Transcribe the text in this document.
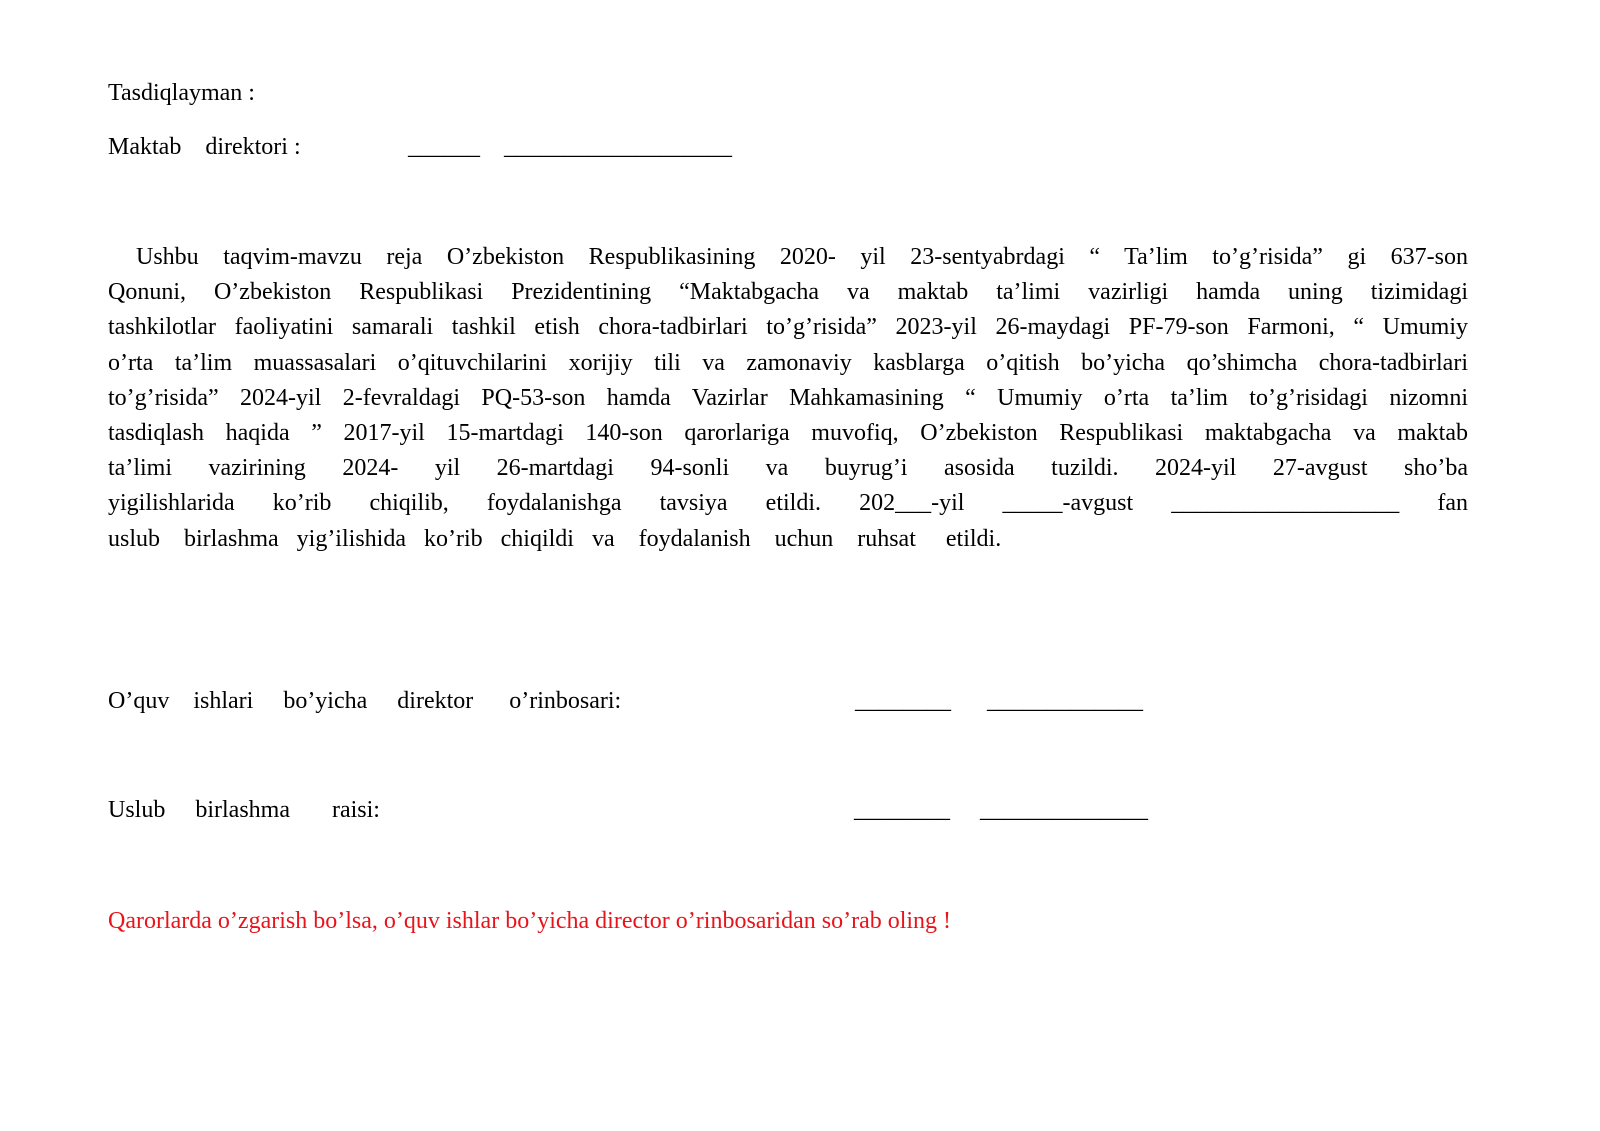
Tasdiqlayman :
Maktab    direktori :	______ ___________________
Ushbu taqvim-mavzu reja O’zbekiston Respublikasining 2020- yil 23-sentyabrdagi “ Ta’lim to’g’risida” gi 637-son
Qonuni, O’zbekiston Respublikasi Prezidentining “Maktabgacha va maktab ta’limi vazirligi hamda uning tizimidagi
tashkilotlar faoliyatini samarali tashkil etish chora-tadbirlari to’g’risida” 2023-yil 26-maydagi PF-79-son Farmoni, “ Umumiy
o’rta ta’lim muassasalari o’qituvchilarini xorijiy tili va zamonaviy kasblarga o’qitish bo’yicha qo’shimcha chora-tadbirlari
to’g’risida” 2024-yil 2-fevraldagi PQ-53-son hamda Vazirlar Mahkamasining “ Umumiy o’rta ta’lim to’g’risidagi nizomni
tasdiqlash haqida ” 2017-yil 15-martdagi 140-son qarorlariga muvofiq, O’zbekiston Respublikasi maktabgacha va maktab
ta’limi vazirining 2024- yil 26-martdagi 94-sonli va buyrug’i asosida tuzildi. 2024-yil 27-avgust sho’ba
yigilishlarida ko’rib chiqilib, foydalanishga tavsiya etildi. 202___-yil _____-avgust ___________________ fan
uslub    birlashma   yig’ilishida   ko’rib   chiqildi   va    foydalanish    uchun    ruhsat     etildi.
O’quv    ishlari     bo’yicha     direktor      o’rinbosari:	________ _____________
Uslub     birlashma       raisi:	________ ______________
Qarorlarda o’zgarish bo’lsa, o’quv ishlar bo’yicha director o’rinbosaridan so’rab oling !
